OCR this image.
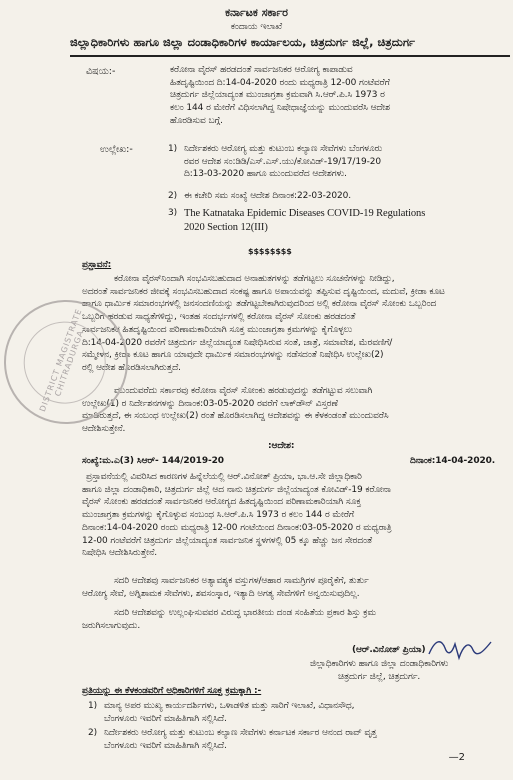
ಕರ್ನಾಟಕ ಸರ್ಕಾರ
ಕಂದಾಯ ಇಲಾಖೆ
ಜಿಲ್ಲಾಧಿಕಾರಿಗಳು ಹಾಗೂ ಜಿಲ್ಲಾ ದಂಡಾಧಿಕಾರಿಗಳ ಕಾರ್ಯಾಲಯ, ಚಿತ್ರದುರ್ಗ ಜಿಲ್ಲೆ, ಚಿತ್ರದುರ್ಗ
ವಿಷಯ:-	ಕರೋನಾ ವೈರಸ್ ಹರಡದಂತೆ ಸಾರ್ವಜನಿಕರ ಆರೋಗ್ಯ ಕಾಪಾಡುವ
ಹಿತದೃಷ್ಟಿಯಿಂದ ದಿ:14-04-2020 ರಂದು ಮಧ್ಯರಾತ್ರಿ 12-00 ಗಂಟೆವರೆಗೆ
ಚಿತ್ರದುರ್ಗ ಜಿಲ್ಲೆಯಾದ್ಯಂತ ಮುಂಜಾಗ್ರತಾ ಕ್ರಮವಾಗಿ ಸಿ.ಆರ್.ಪಿ.ಸಿ 1973 ರ
ಕಲಂ 144 ರ ಮೇರೆಗೆ ವಿಧಿಸಲಾಗಿದ್ದ ನಿಷೇಧಾಜ್ಞೆಯನ್ನು ಮುಂದುವರೆಸಿ ಆದೇಶ
ಹೊರಡಿಸುವ ಬಗ್ಗೆ.
ಉಲ್ಲೇಖ:-	1) ನಿರ್ದೇಶಕರು ಆರೋಗ್ಯ ಮತ್ತು ಕುಟುಂಬ ಕಲ್ಯಾಣ ಸೇವೆಗಳು ಬೆಂಗಳೂರು
ರವರ ಆದೇಶ ಸಂ:ಡಿಡಿ/ಎಸ್.ಎಸ್.ಯು/ಕೋವಿಡ್-19/17/19-20
ದಿ:13-03-2020 ಹಾಗೂ ಮುಂದುವರೆದ ಆದೇಶಗಳು.
2) ಈ ಕಚೇರಿ ಸಮ ಸಂಖ್ಯೆ ಆದೇಶ ದಿನಾಂಕ:22-03-2020.
3) The Katnataka Epidemic Diseases COVID-19 Regulations
2020 Section 12(III)
$$$$$$$$
ಪ್ರಸ್ತಾವನೆ:
ಕರೋನಾ ವೈರಸ್‌ನಿಂದಾಗಿ ಸಂಭವಿಸಬಹುದಾದ ಅನಾಹುತಗಳನ್ನು ತಡೆಗಟ್ಟಲು ಸೂಚನೆಗಳನ್ನು ನೀಡಿದ್ದು,
ಅದರಂತೆ ಸಾರ್ವಜನಿಕರ ಜೀವಕ್ಕೆ ಸಂಭವಿಸಬಹುದಾದ ಸಂಕಷ್ಟ ಹಾಗೂ ಅಪಾಯವನ್ನು ತಪ್ಪಿಸುವ ದೃಷ್ಟಿಯಿಂದ, ಮದುವೆ, ಕ್ರೀಡಾ ಕೂಟ
ಹಾಗೂ ಧಾರ್ಮಿಕ ಸಮಾರಂಭಗಳಲ್ಲಿ ಜನಸಂದಣಿಯನ್ನು ತಡೆಗಟ್ಟಬೇಕಾಗಿರುವುದರಿಂದ ಅಲ್ಲಿ ಕರೋನಾ ವೈರಸ್ ಸೋಂಕು ಒಬ್ಬರಿಂದ
ಒಬ್ಬರಿಗೆ ಹರಡುವ ಸಾಧ್ಯತೆಗಳಿದ್ದು, ಇಂತಹ ಸಂದರ್ಭಗಳಲ್ಲಿ ಕರೋನಾ ವೈರಸ್ ಸೋಂಕು ಹರಡದಂತೆ
ಸಾರ್ವಜನಿಕರ ಹಿತದೃಷ್ಟಿಯಿಂದ ಪರಿಣಾಮಕಾರಿಯಾಗಿ ಸೂಕ್ತ ಮುಂಜಾಗ್ರತಾ ಕ್ರಮಗಳನ್ನು ಕೈಗೊಳ್ಳಲು
ದಿ:14-04-2020 ರವರೆಗೆ ಚಿತ್ರದುರ್ಗ ಜಿಲ್ಲೆಯಾದ್ಯಂತ ನಿಷೇಧಿಸಿರುವ ಸಂತೆ, ಜಾತ್ರೆ, ಸಮಾವೇಶ, ಮೆರವಣಿಗೆ/
ಸಮ್ಮೇಳನ, ಕ್ರೀಡಾ ಕೂಟ ಹಾಗೂ ಯಾವುದೇ ಧಾರ್ಮಿಕ ಸಮಾರಂಭಗಳನ್ನು ನಡೆಸದಂತೆ ನಿಷೇಧಿಸಿ ಉಲ್ಲೇಖ(2)
ರಲ್ಲಿ ಆದೇಶ ಹೊರಡಿಸಲಾಗಿರುತ್ತದೆ.
ಮುಂದುವರೆದು ಸರ್ಕಾರವು ಕರೋನಾ ವೈರಸ್ ಸೋಂಕು ಹರಡುವುದನ್ನು ತಡೆಗಟ್ಟುವ ಸಲುವಾಗಿ
ಉಲ್ಲೇಖ(1) ರ ನಿರ್ದೇಶನಗಳನ್ನು ದಿನಾಂಕ:03-05-2020 ರವರೆಗೆ ಲಾಕ್‌ಡೌನ್ ವಿಸ್ತರಣೆ
ಮಾಡಿರುತ್ತದೆ, ಈ ಸಂಬಂಧ ಉಲ್ಲೇಖ(2) ರಂತೆ ಹೊರಡಿಸಲಾಗಿದ್ದ ಆದೇಶವನ್ನು ಈ ಕೆಳಕಂಡಂತೆ ಮುಂದುವರೆಸಿ
ಆದೇಶಿಸುತ್ತೇನೆ.
:ಆದೇಶ:
ಸಂಖ್ಯೆ:ಮ.ಎ(3) ಸಿಆರ್- 144/2019-20	ದಿನಾಂಕ:14-04-2020.
ಪ್ರಸ್ತಾವನೆಯಲ್ಲಿ ವಿವರಿಸಿದ ಕಾರಣಗಳ ಹಿನ್ನೆಲೆಯಲ್ಲಿ ಆರ್.ವಿನೋತ್ ಪ್ರಿಯಾ, ಭಾ.ಆ.ಸೇ ಜಿಲ್ಲಾಧಿಕಾರಿ
ಹಾಗೂ ಜಿಲ್ಲಾ ದಂಡಾಧಿಕಾರಿ, ಚಿತ್ರದುರ್ಗ ಜಿಲ್ಲೆ ಆದ ನಾನು ಚಿತ್ರದುರ್ಗ ಜಿಲ್ಲೆಯಾದ್ಯಂತ ಕೋವಿಡ್-19 ಕರೋನಾ
ವೈರಸ್ ಸೋಂಕು ಹರಡದಂತೆ ಸಾರ್ವಜನಿಕರ ಆರೋಗ್ಯದ ಹಿತದೃಷ್ಟಿಯಿಂದ ಪರಿಣಾಮಕಾರಿಯಾಗಿ ಸೂಕ್ತ
ಮುಂಜಾಗ್ರತಾ ಕ್ರಮಗಳನ್ನು ಕೈಗೊಳ್ಳುವ ಸಂಬಂಧ ಸಿ.ಆರ್.ಪಿ.ಸಿ 1973 ರ ಕಲಂ 144 ರ ಮೇರೆಗೆ
ದಿನಾಂಕ:14-04-2020 ರಂದು ಮಧ್ಯರಾತ್ರಿ 12-00 ಗಂಟೆಯಿಂದ ದಿನಾಂಕ:03-05-2020 ರ ಮಧ್ಯರಾತ್ರಿ
12-00 ಗಂಟೆವರೆಗೆ ಚಿತ್ರದುರ್ಗ ಜಿಲ್ಲೆಯಾದ್ಯಂತ ಸಾರ್ವಜನಿಕ ಸ್ಥಳಗಳಲ್ಲಿ 05 ಕ್ಕೂ ಹೆಚ್ಚು ಜನ ಸೇರದಂತೆ
ನಿಷೇಧಿಸಿ ಆದೇಶಿಸಿರುತ್ತೇನೆ.
ಸದರಿ ಆದೇಶವು ಸಾರ್ವಜನಿಕರ ಅತ್ಯಾವಶ್ಯಕ ವಸ್ತುಗಳ/ಆಹಾರ ಸಾಮಗ್ರಿಗಳ ಪೂರೈಕೆಗೆ, ತುರ್ತು
ಆರೋಗ್ಯ ಸೇವೆ, ಅಗ್ನಿಶಾಮಕ ಸೇವೆಗಳು, ಶವಸಂಸ್ಕಾರ, ಇತ್ಯಾದಿ ಅಗತ್ಯ ಸೇವೆಗಳಿಗೆ ಅನ್ವಯಿಸುವುದಿಲ್ಲ.
ಸದರಿ ಆದೇಶವನ್ನು ಉಲ್ಲಂಘಿಸುವವರ ವಿರುದ್ಧ ಭಾರತೀಯ ದಂಡ ಸಂಹಿತೆಯ ಪ್ರಕಾರ ಶಿಸ್ತು ಕ್ರಮ
ಜರುಗಿಸಲಾಗುವುದು.
(ಆರ್.ವಿನೋತ್ ಪ್ರಿಯಾ)
ಜಿಲ್ಲಾಧಿಕಾರಿಗಳು ಹಾಗೂ ಜಿಲ್ಲಾ ದಂಡಾಧಿಕಾರಿಗಳು
ಚಿತ್ರದುರ್ಗ ಜಿಲ್ಲೆ, ಚಿತ್ರದುರ್ಗ.
ಪ್ರತಿಯನ್ನು ಈ ಕೆಳಕಂಡವರಿಗೆ ಅಧಿಕಾರಿಗಳಿಗೆ ಸೂಕ್ತ ಕ್ರಮಕ್ಕಾಗಿ :-
1) ಮಾನ್ಯ ಅಪರ ಮುಖ್ಯ ಕಾರ್ಯದರ್ಶಿಗಳು, ಒಳಾಡಳಿತ ಮತ್ತು ಸಾರಿಗೆ ಇಲಾಖೆ, ವಿಧಾನಸೌಧ,
ಬೆಂಗಳೂರು ಇವರಿಗೆ ಮಾಹಿತಿಗಾಗಿ ಸಲ್ಲಿಸಿದೆ.
2) ನಿರ್ದೇಶಕರು ಆರೋಗ್ಯ ಮತ್ತು ಕುಟುಂಬ ಕಲ್ಯಾಣ ಸೇವೆಗಳು ಕರ್ನಾಟಕ ಸರ್ಕಾರ ಆನಂದ ರಾವ್ ವೃತ್ತ
ಬೆಂಗಳೂರು ಇವರಿಗೆ ಮಾಹಿತಿಗಾಗಿ ಸಲ್ಲಿಸಿದೆ.
—2
DISTRICT MAGISTRATE CHITRADURGA
